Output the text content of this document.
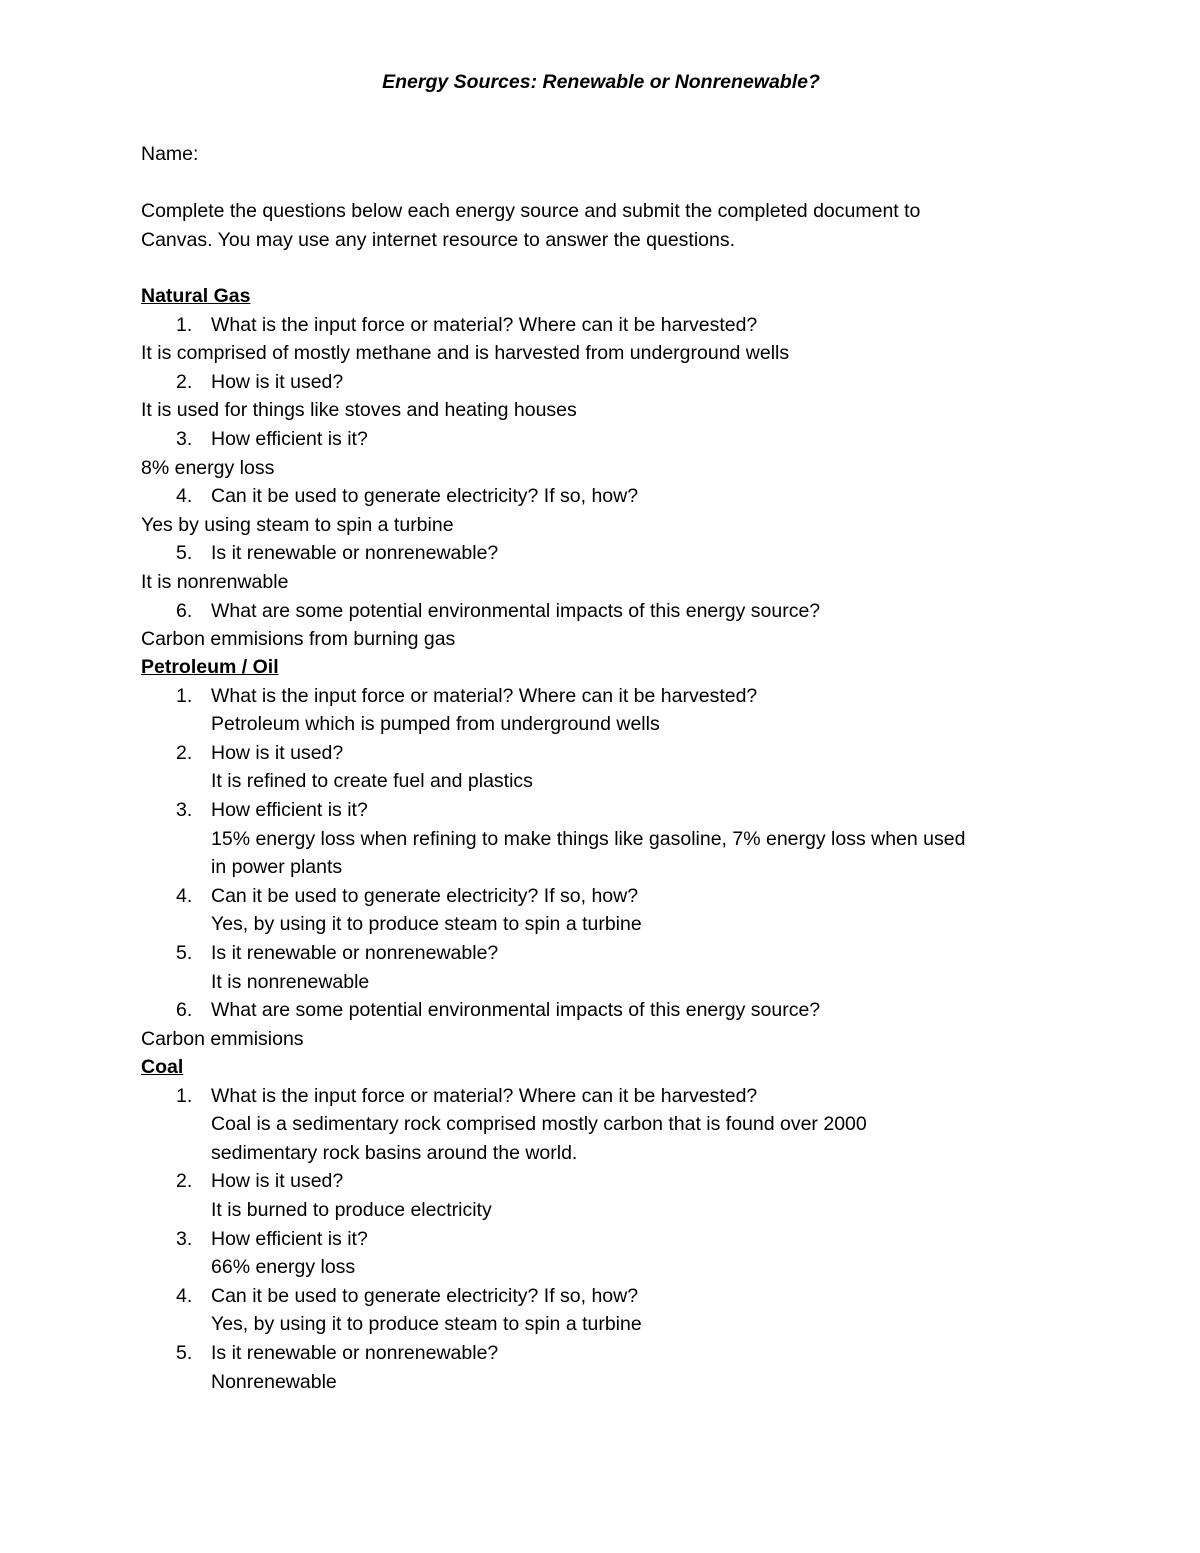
Energy Sources: Renewable or Nonrenewable?
Name:
Complete the questions below each energy source and submit the completed document to
Canvas. You may use any internet resource to answer the questions.
Natural Gas
1. What is the input force or material? Where can it be harvested?
It is comprised of mostly methane and is harvested from underground wells
2. How is it used?
It is used for things like stoves and heating houses
3. How efficient is it?
8% energy loss
4. Can it be used to generate electricity? If so, how?
Yes by using steam to spin a turbine
5. Is it renewable or nonrenewable?
It is nonrenwable
6. What are some potential environmental impacts of this energy source?
Carbon emmisions from burning gas
Petroleum / Oil
1. What is the input force or material? Where can it be harvested?
Petroleum which is pumped from underground wells
2. How is it used?
It is refined to create fuel and plastics
3. How efficient is it?
15% energy loss when refining to make things like gasoline, 7% energy loss when used
in power plants
4. Can it be used to generate electricity? If so, how?
Yes, by using it to produce steam to spin a turbine
5. Is it renewable or nonrenewable?
It is nonrenewable
6. What are some potential environmental impacts of this energy source?
Carbon emmisions
Coal
1. What is the input force or material? Where can it be harvested?
Coal is a sedimentary rock comprised mostly carbon that is found over 2000
sedimentary rock basins around the world.
2. How is it used?
It is burned to produce electricity
3. How efficient is it?
66% energy loss
4. Can it be used to generate electricity? If so, how?
Yes, by using it to produce steam to spin a turbine
5. Is it renewable or nonrenewable?
Nonrenewable
